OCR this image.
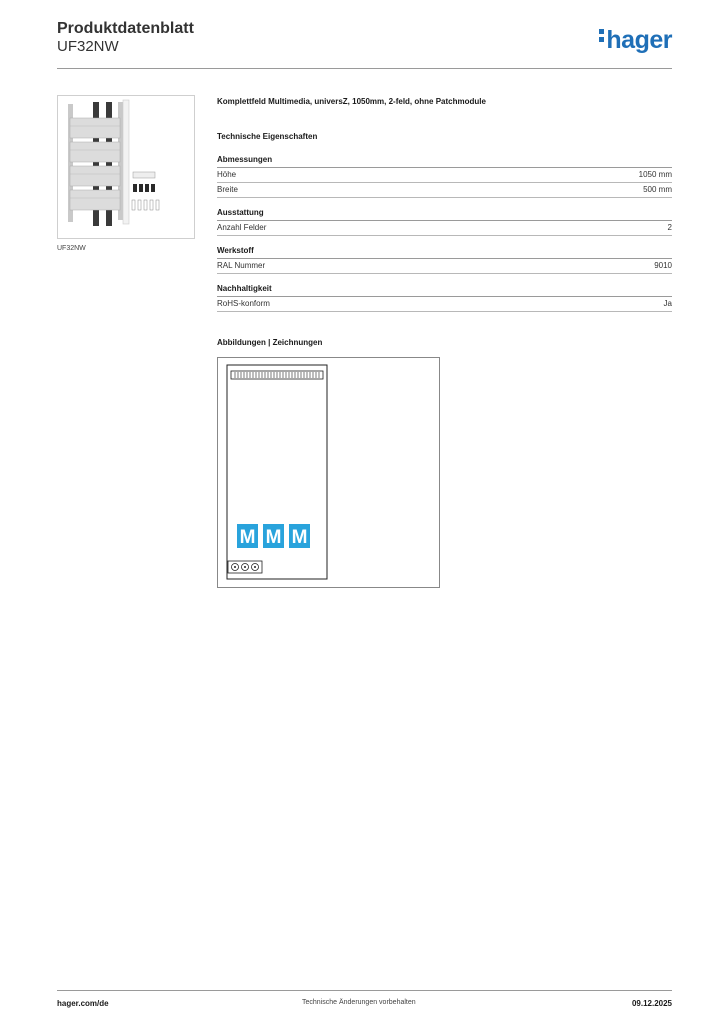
Produktdatenblatt
UF32NW	hager
UF32NW
Komplettfeld Multimedia, universZ, 1050mm, 2-feld, ohne Patchmodule
Technische Eigenschaften
Abmessungen
Höhe	1050 mm
Breite	500 mm
Ausstattung
Anzahl Felder	2
Werkstoff
RAL Nummer	9010
Nachhaltigkeit
RoHS-konform	Ja
Abbildungen | Zeichnungen
M M M
hager.com/de	Technische Änderungen vorbehalten	09.12.2025
